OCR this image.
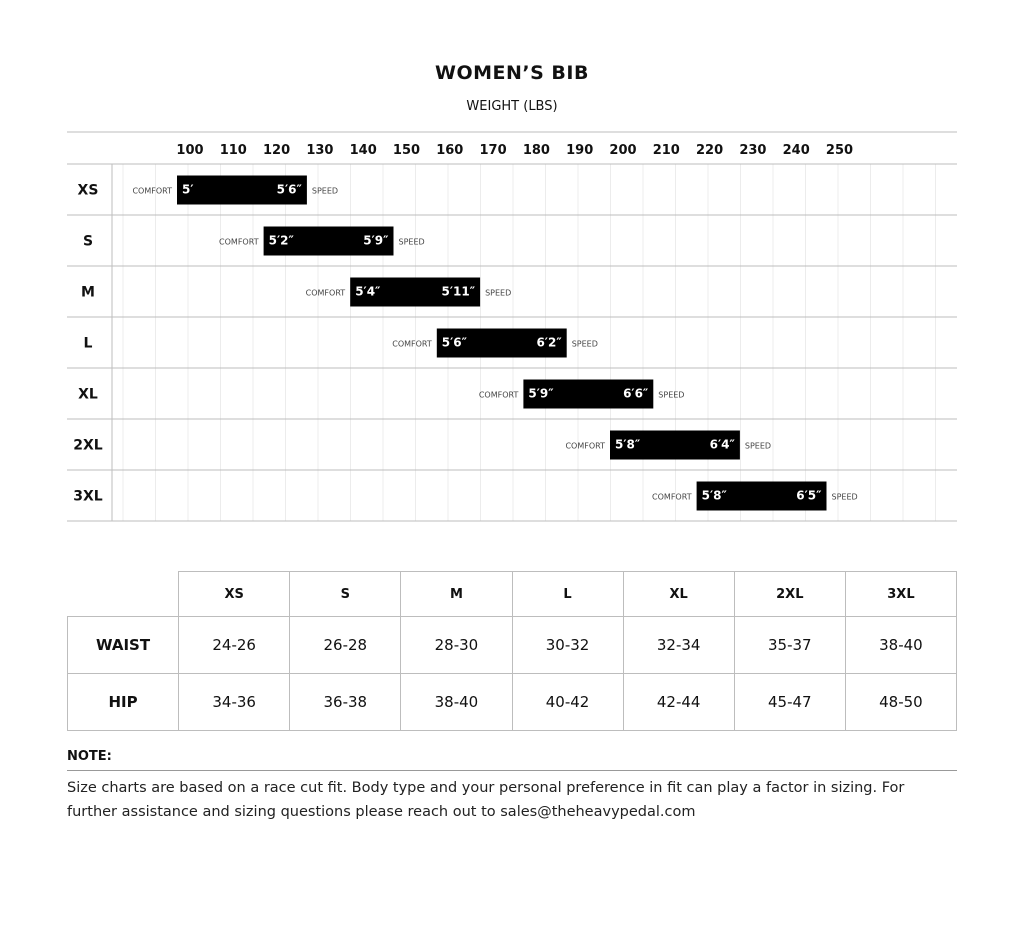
WOMEN’S BIB
WEIGHT (LBS)
100 110 120 130 140 150 160 170 180 190 200 210 220 230 240 250
XS	COMFORT	SPEED
5′	5′6″
S	COMFORT	SPEED
5′2″	5′9″
M	COMFORT	SPEED
5′4″	5′11″
L	COMFORT	SPEED
5′6″	6′2″
XL	COMFORT	SPEED
5′9″	6′6″
2XL	COMFORT	SPEED
5′8″	6′4″
3XL	COMFORT	SPEED
5′8″	6′5″
	XS	S	M	L	XL	2XL	3XL
WAIST	24-26	26-28	28-30	30-32	32-34	35-37	38-40
HIP	34-36	36-38	38-40	40-42	42-44	45-47	48-50
NOTE:
Size charts are based on a race cut fit. Body type and your personal preference in fit can play a factor in sizing. For further assistance and sizing questions please reach out to sales@theheavypedal.com
